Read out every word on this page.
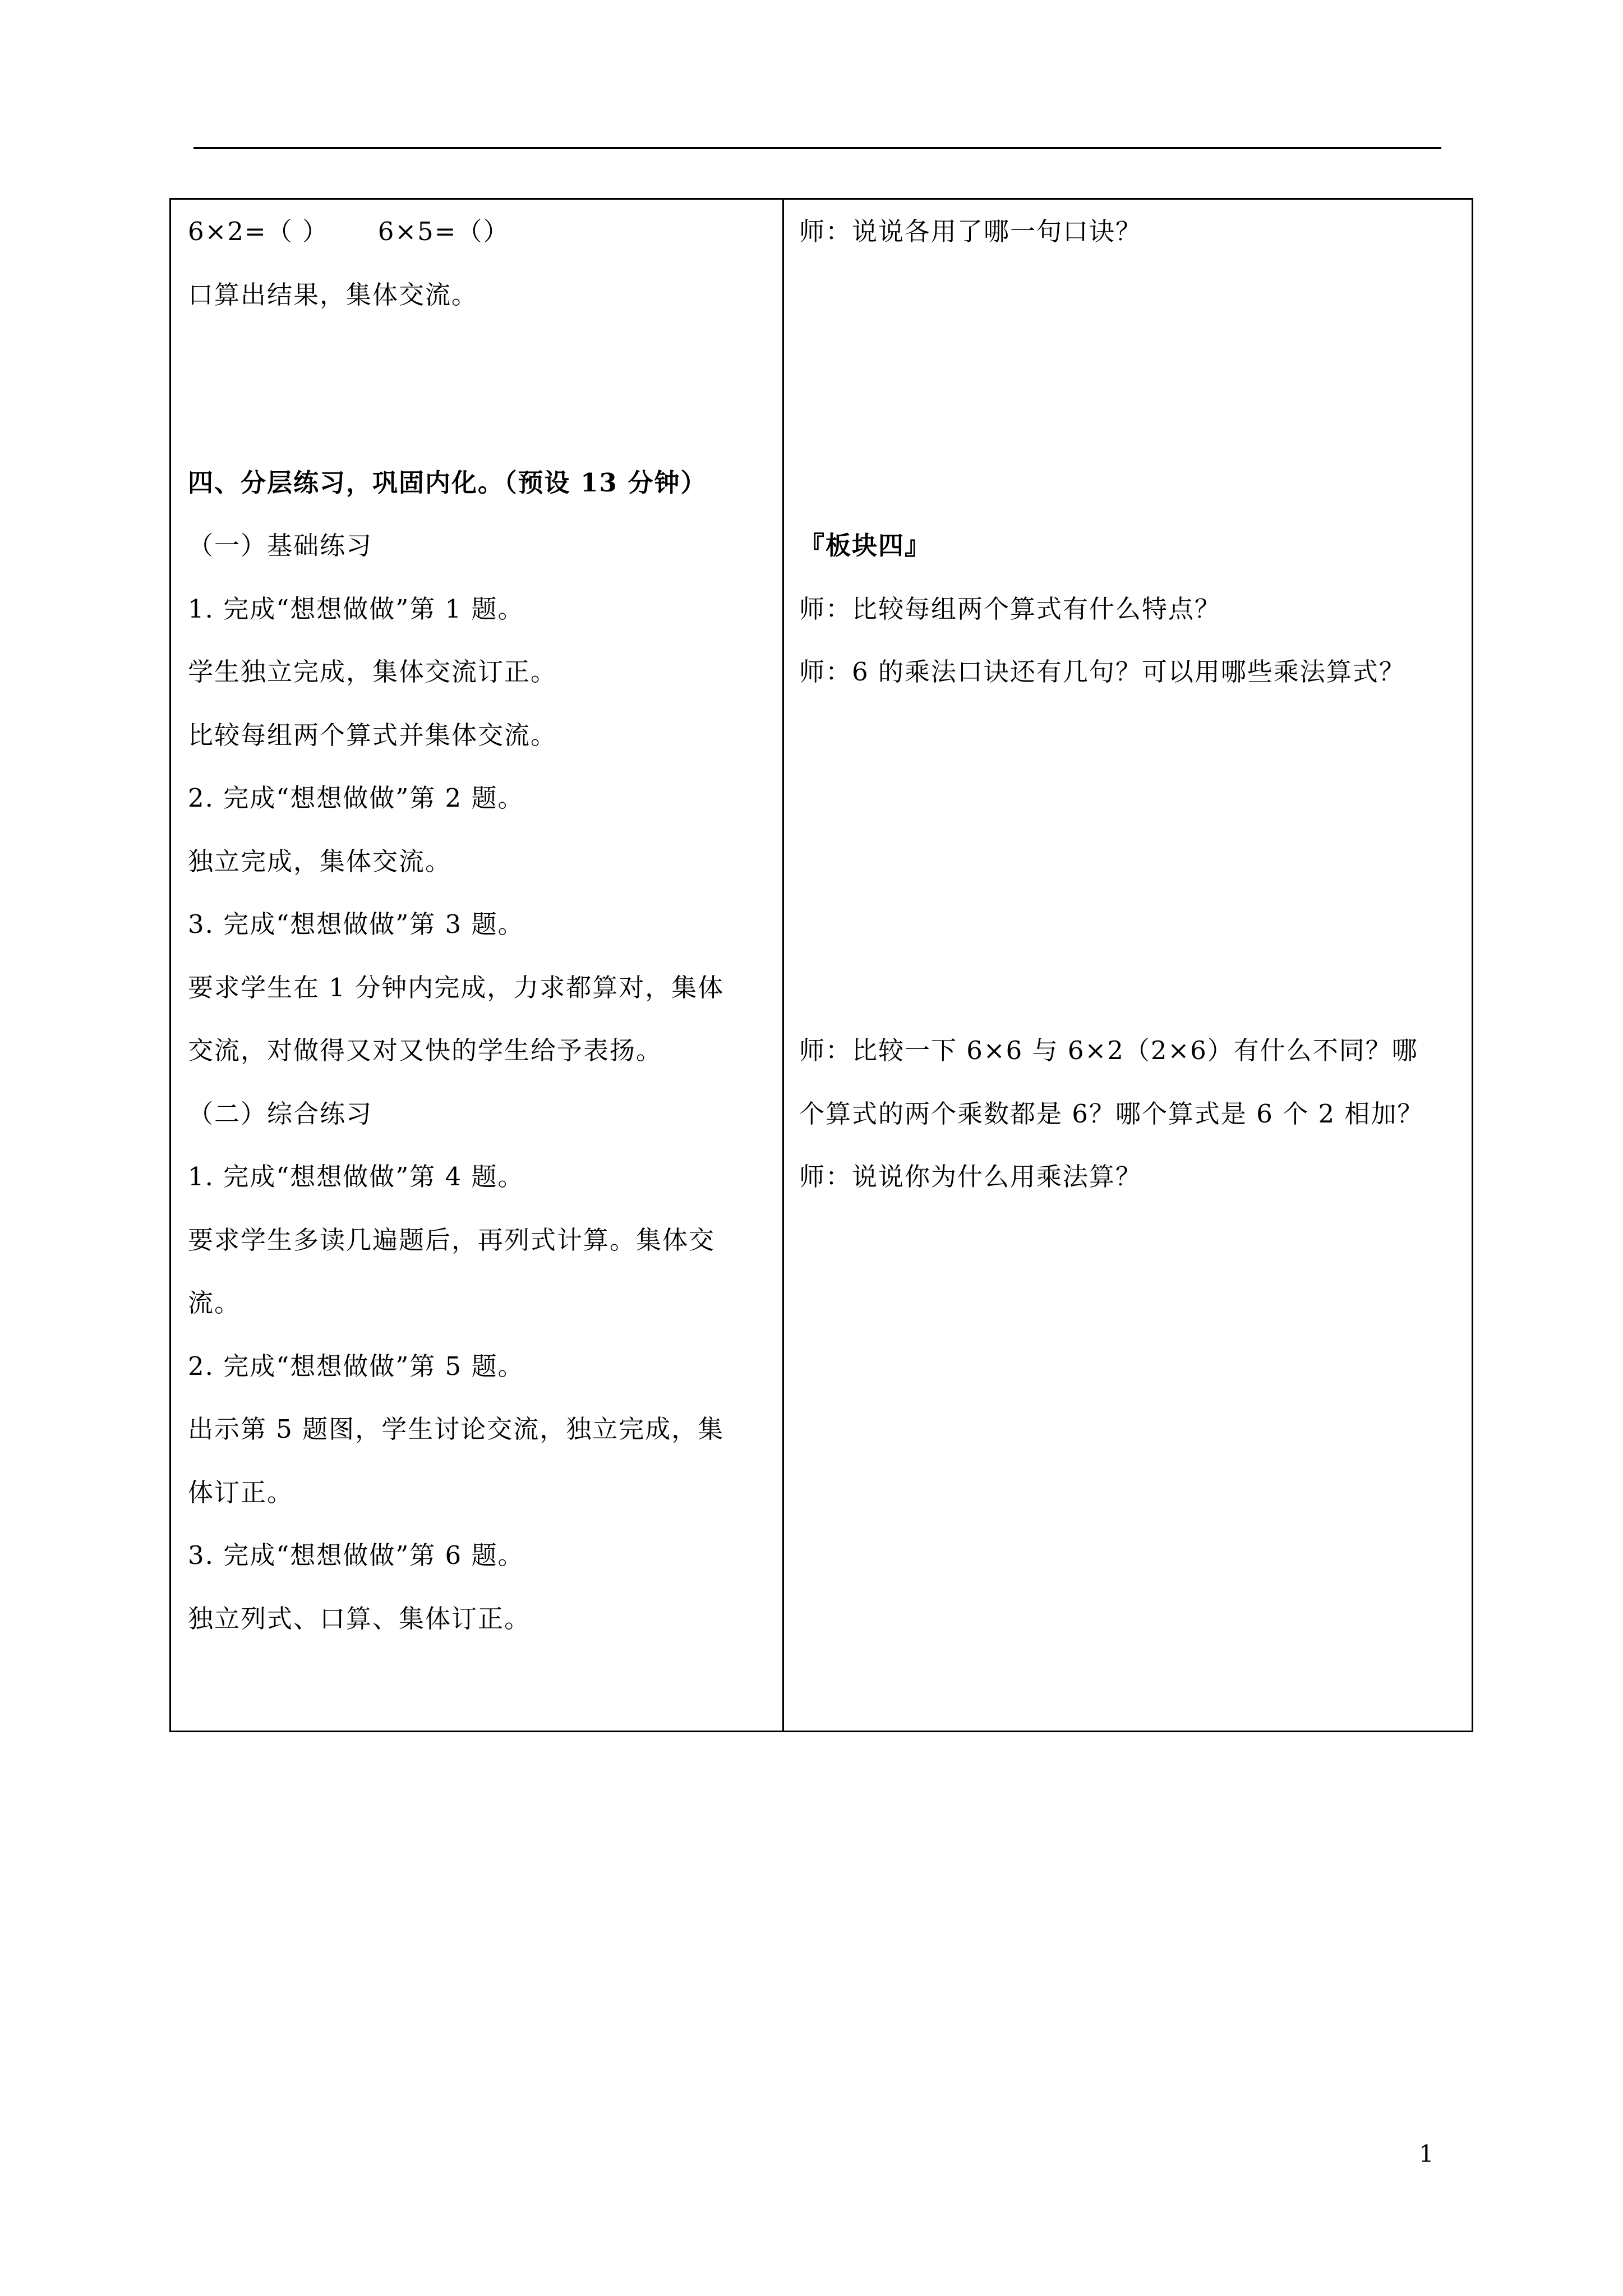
6×2=（ ）　　 6×5=（）
口算出结果，集体交流。
四、分层练习，巩固内化。（预设 13 分钟）
（一）基础练习
1. 完成“想想做做”第 1 题。
学生独立完成，集体交流订正。
比较每组两个算式并集体交流。
2. 完成“想想做做”第 2 题。
独立完成，集体交流。
3. 完成“想想做做”第 3 题。
要求学生在 1 分钟内完成，力求都算对，集体
交流，对做得又对又快的学生给予表扬。
（二）综合练习
1. 完成“想想做做”第 4 题。
要求学生多读几遍题后，再列式计算。集体交
流。
2. 完成“想想做做”第 5 题。
出示第 5 题图，学生讨论交流，独立完成，集
体订正。
3. 完成“想想做做”第 6 题。
独立列式、口算、集体订正。
师：说说各用了哪一句口诀？
『板块四』
师：比较每组两个算式有什么特点？
师：6 的乘法口诀还有几句？可以用哪些乘法算式？
师：比较一下 6×6 与 6×2（2×6）有什么不同？哪
个算式的两个乘数都是 6？哪个算式是 6 个 2 相加？
师：说说你为什么用乘法算？
1
